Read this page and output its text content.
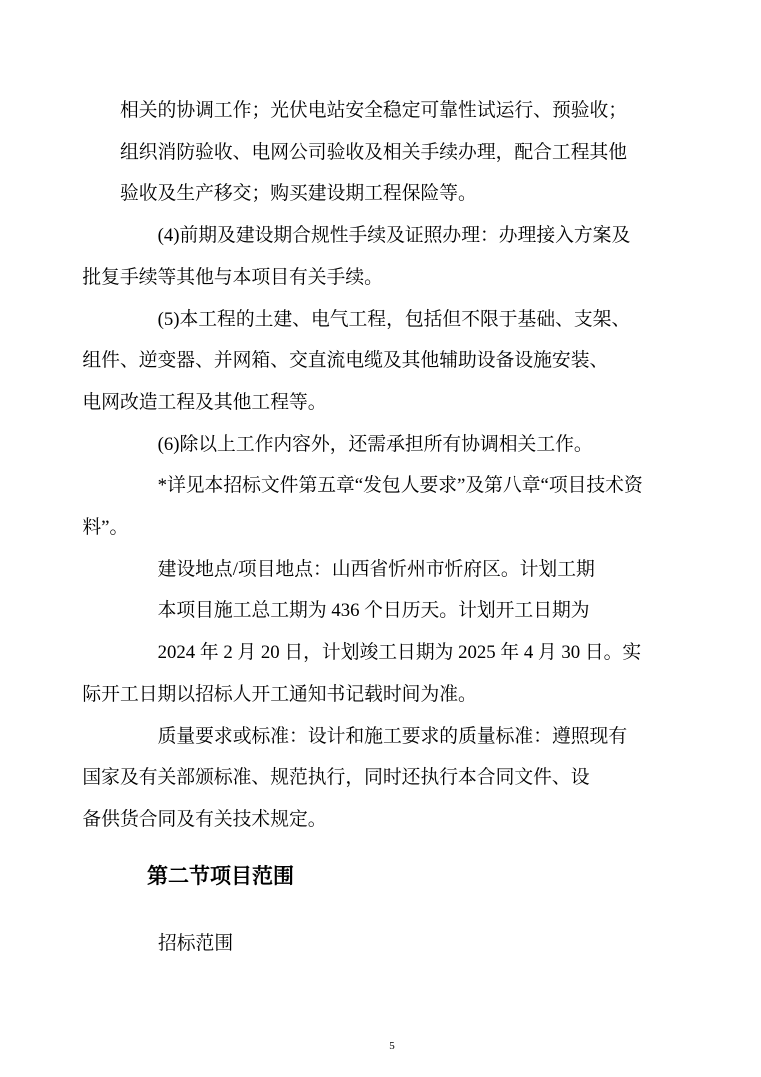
相关的协调工作；光伏电站安全稳定可靠性试运行、预验收；
组织消防验收、电网公司验收及相关手续办理，配合工程其他
验收及生产移交；购买建设期工程保险等。

(4)前期及建设期合规性手续及证照办理：办理接入方案及
批复手续等其他与本项目有关手续。

(5)本工程的土建、电气工程，包括但不限于基础、支架、
组件、逆变器、并网箱、交直流电缆及其他辅助设备设施安装、
电网改造工程及其他工程等。

(6)除以上工作内容外，还需承担所有协调相关工作。

*详见本招标文件第五章“发包人要求”及第八章“项目技术资
料”。

建设地点/项目地点：山西省忻州市忻府区。计划工期

本项目施工总工期为 436 个日历天。计划开工日期为

2024 年 2 月 20 日，计划竣工日期为 2025 年 4 月 30 日。实
际开工日期以招标人开工通知书记载时间为准。

质量要求或标准：设计和施工要求的质量标准：遵照现有
国家及有关部颁标准、规范执行，同时还执行本合同文件、设
备供货合同及有关技术规定。

第二节项目范围
招标范围
5
